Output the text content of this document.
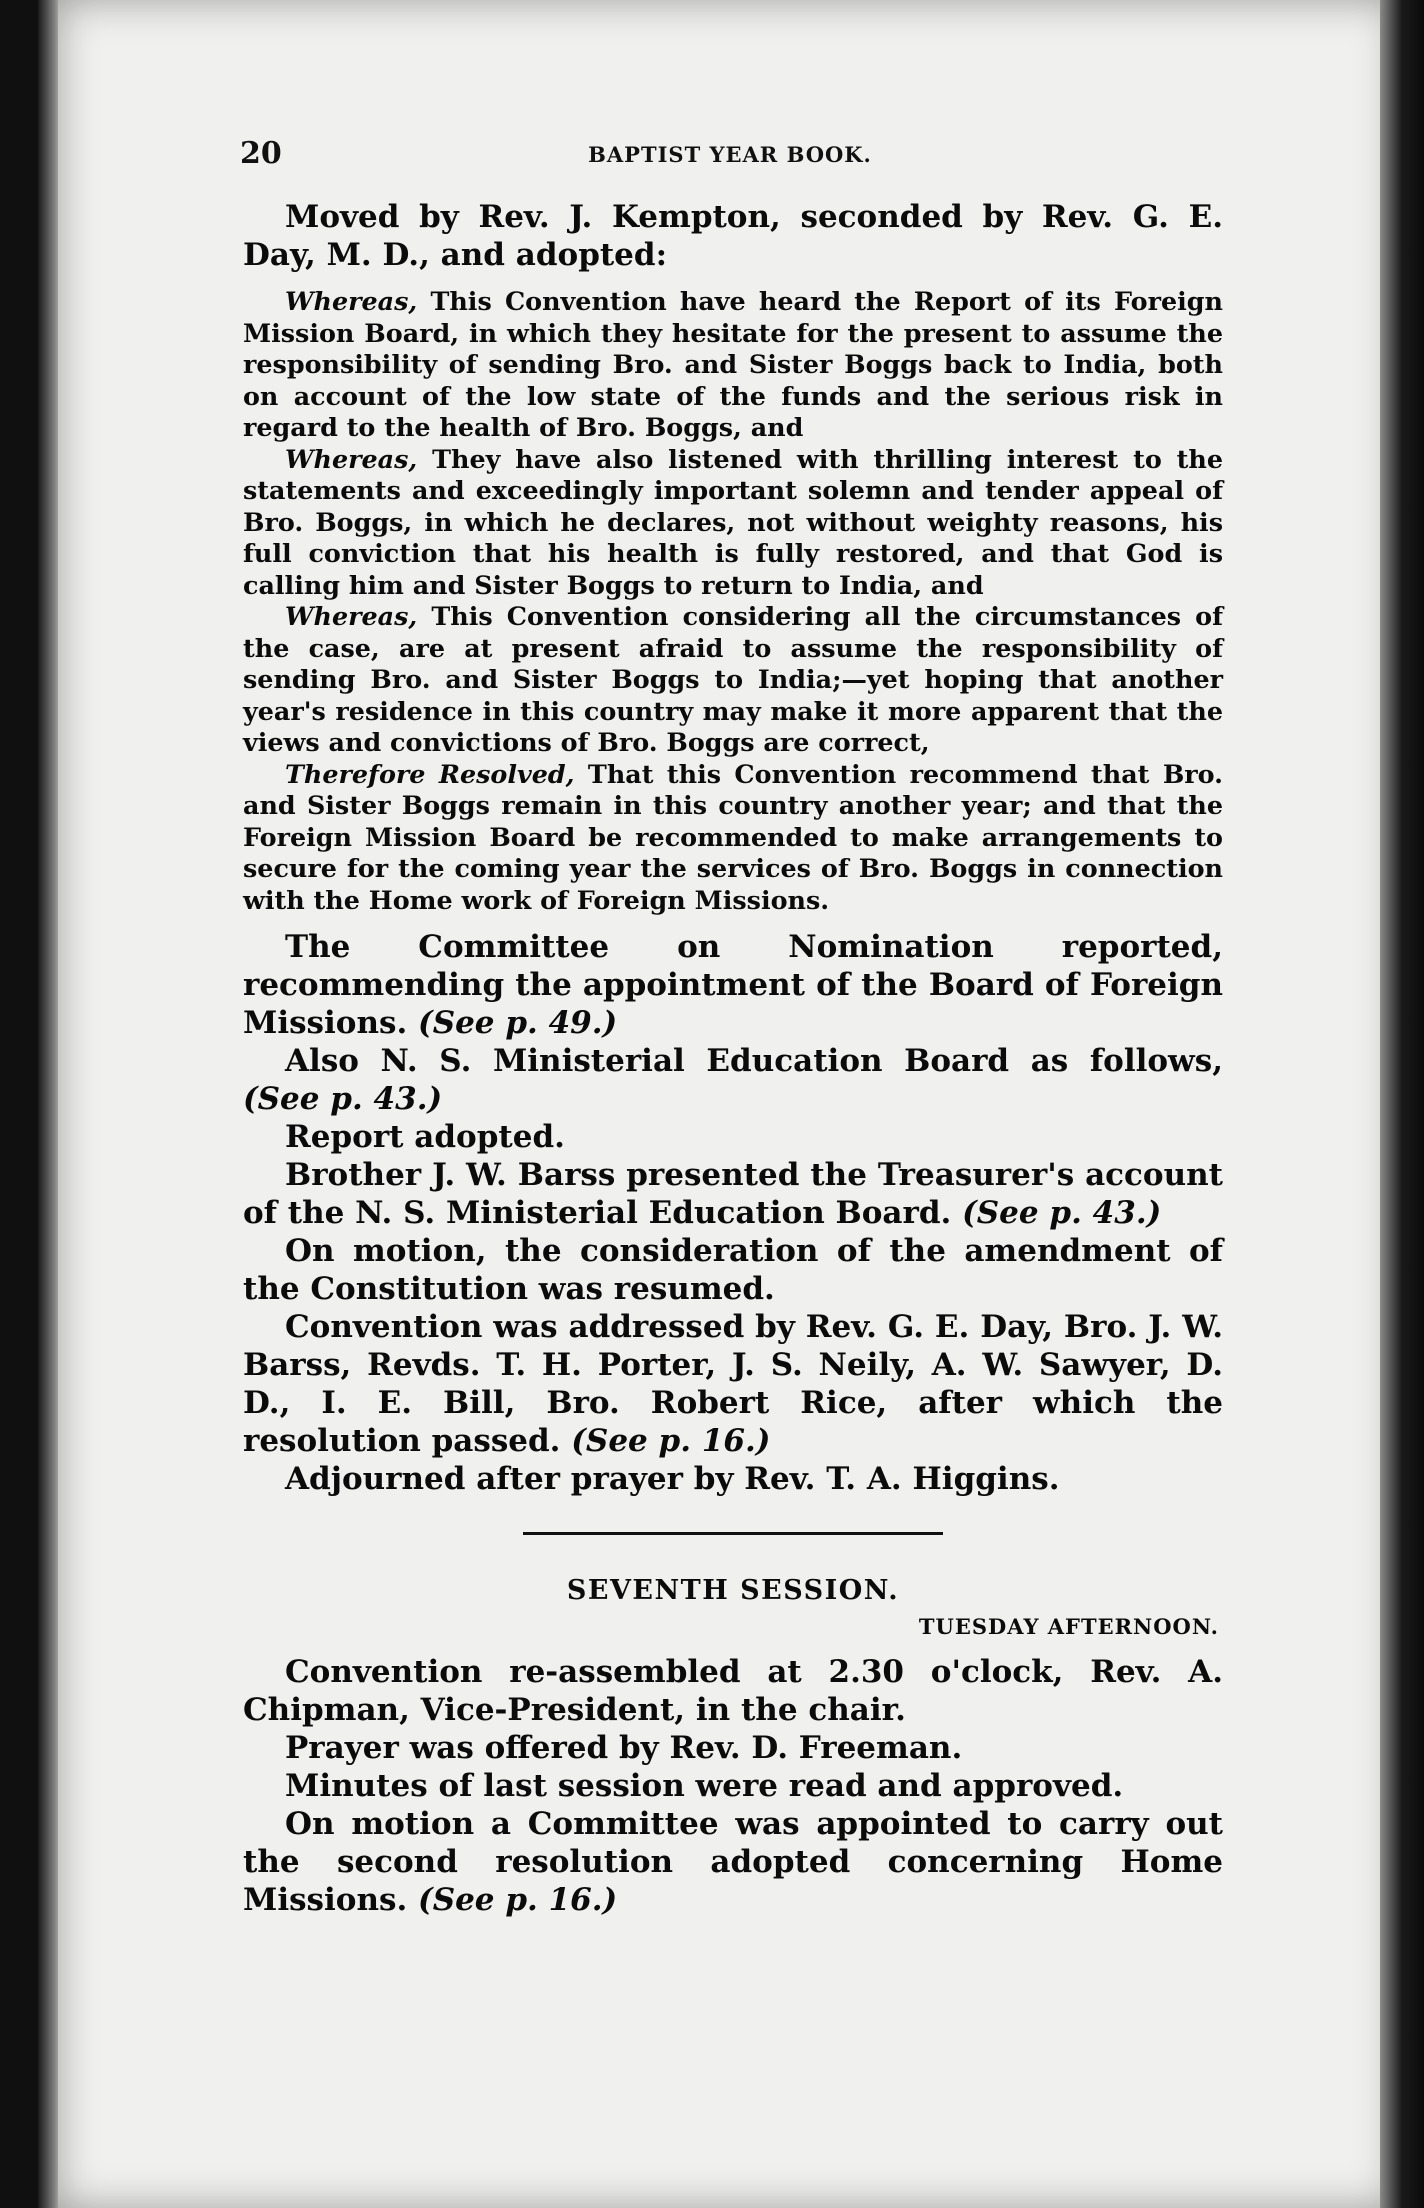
20	BAPTIST YEAR BOOK.

Moved by Rev. J. Kempton, seconded by Rev. G. E. Day, M. D., and adopted:

Whereas, This Convention have heard the Report of its Foreign Mission Board, in which they hesitate for the present to assume the responsibility of sending Bro. and Sister Boggs back to India, both on account of the low state of the funds and the serious risk in regard to the health of Bro. Boggs, and

Whereas, They have also listened with thrilling interest to the statements and exceedingly important solemn and tender appeal of Bro. Boggs, in which he declares, not without weighty reasons, his full conviction that his health is fully restored, and that God is calling him and Sister Boggs to return to India, and

Whereas, This Convention considering all the circumstances of the case, are at present afraid to assume the responsibility of sending Bro. and Sister Boggs to India;—yet hoping that another year's residence in this country may make it more apparent that the views and convictions of Bro. Boggs are correct,

Therefore Resolved, That this Convention recommend that Bro. and Sister Boggs remain in this country another year; and that the Foreign Mission Board be recommended to make arrangements to secure for the coming year the services of Bro. Boggs in connection with the Home work of Foreign Missions.

The Committee on Nomination reported, recommending the appointment of the Board of Foreign Missions. (See p. 49.)

Also N. S. Ministerial Education Board as follows, (See p. 43.)

Report adopted.

Brother J. W. Barss presented the Treasurer's account of the N. S. Ministerial Education Board. (See p. 43.)

On motion, the consideration of the amendment of the Constitution was resumed.

Convention was addressed by Rev. G. E. Day, Bro. J. W. Barss, Revds. T. H. Porter, J. S. Neily, A. W. Sawyer, D. D., I. E. Bill, Bro. Robert Rice, after which the resolution passed. (See p. 16.)

Adjourned after prayer by Rev. T. A. Higgins.

SEVENTH SESSION.
TUESDAY AFTERNOON.

Convention re-assembled at 2.30 o'clock, Rev. A. Chipman, Vice-President, in the chair.

Prayer was offered by Rev. D. Freeman.

Minutes of last session were read and approved.

On motion a Committee was appointed to carry out the second resolution adopted concerning Home Missions. (See p. 16.)
